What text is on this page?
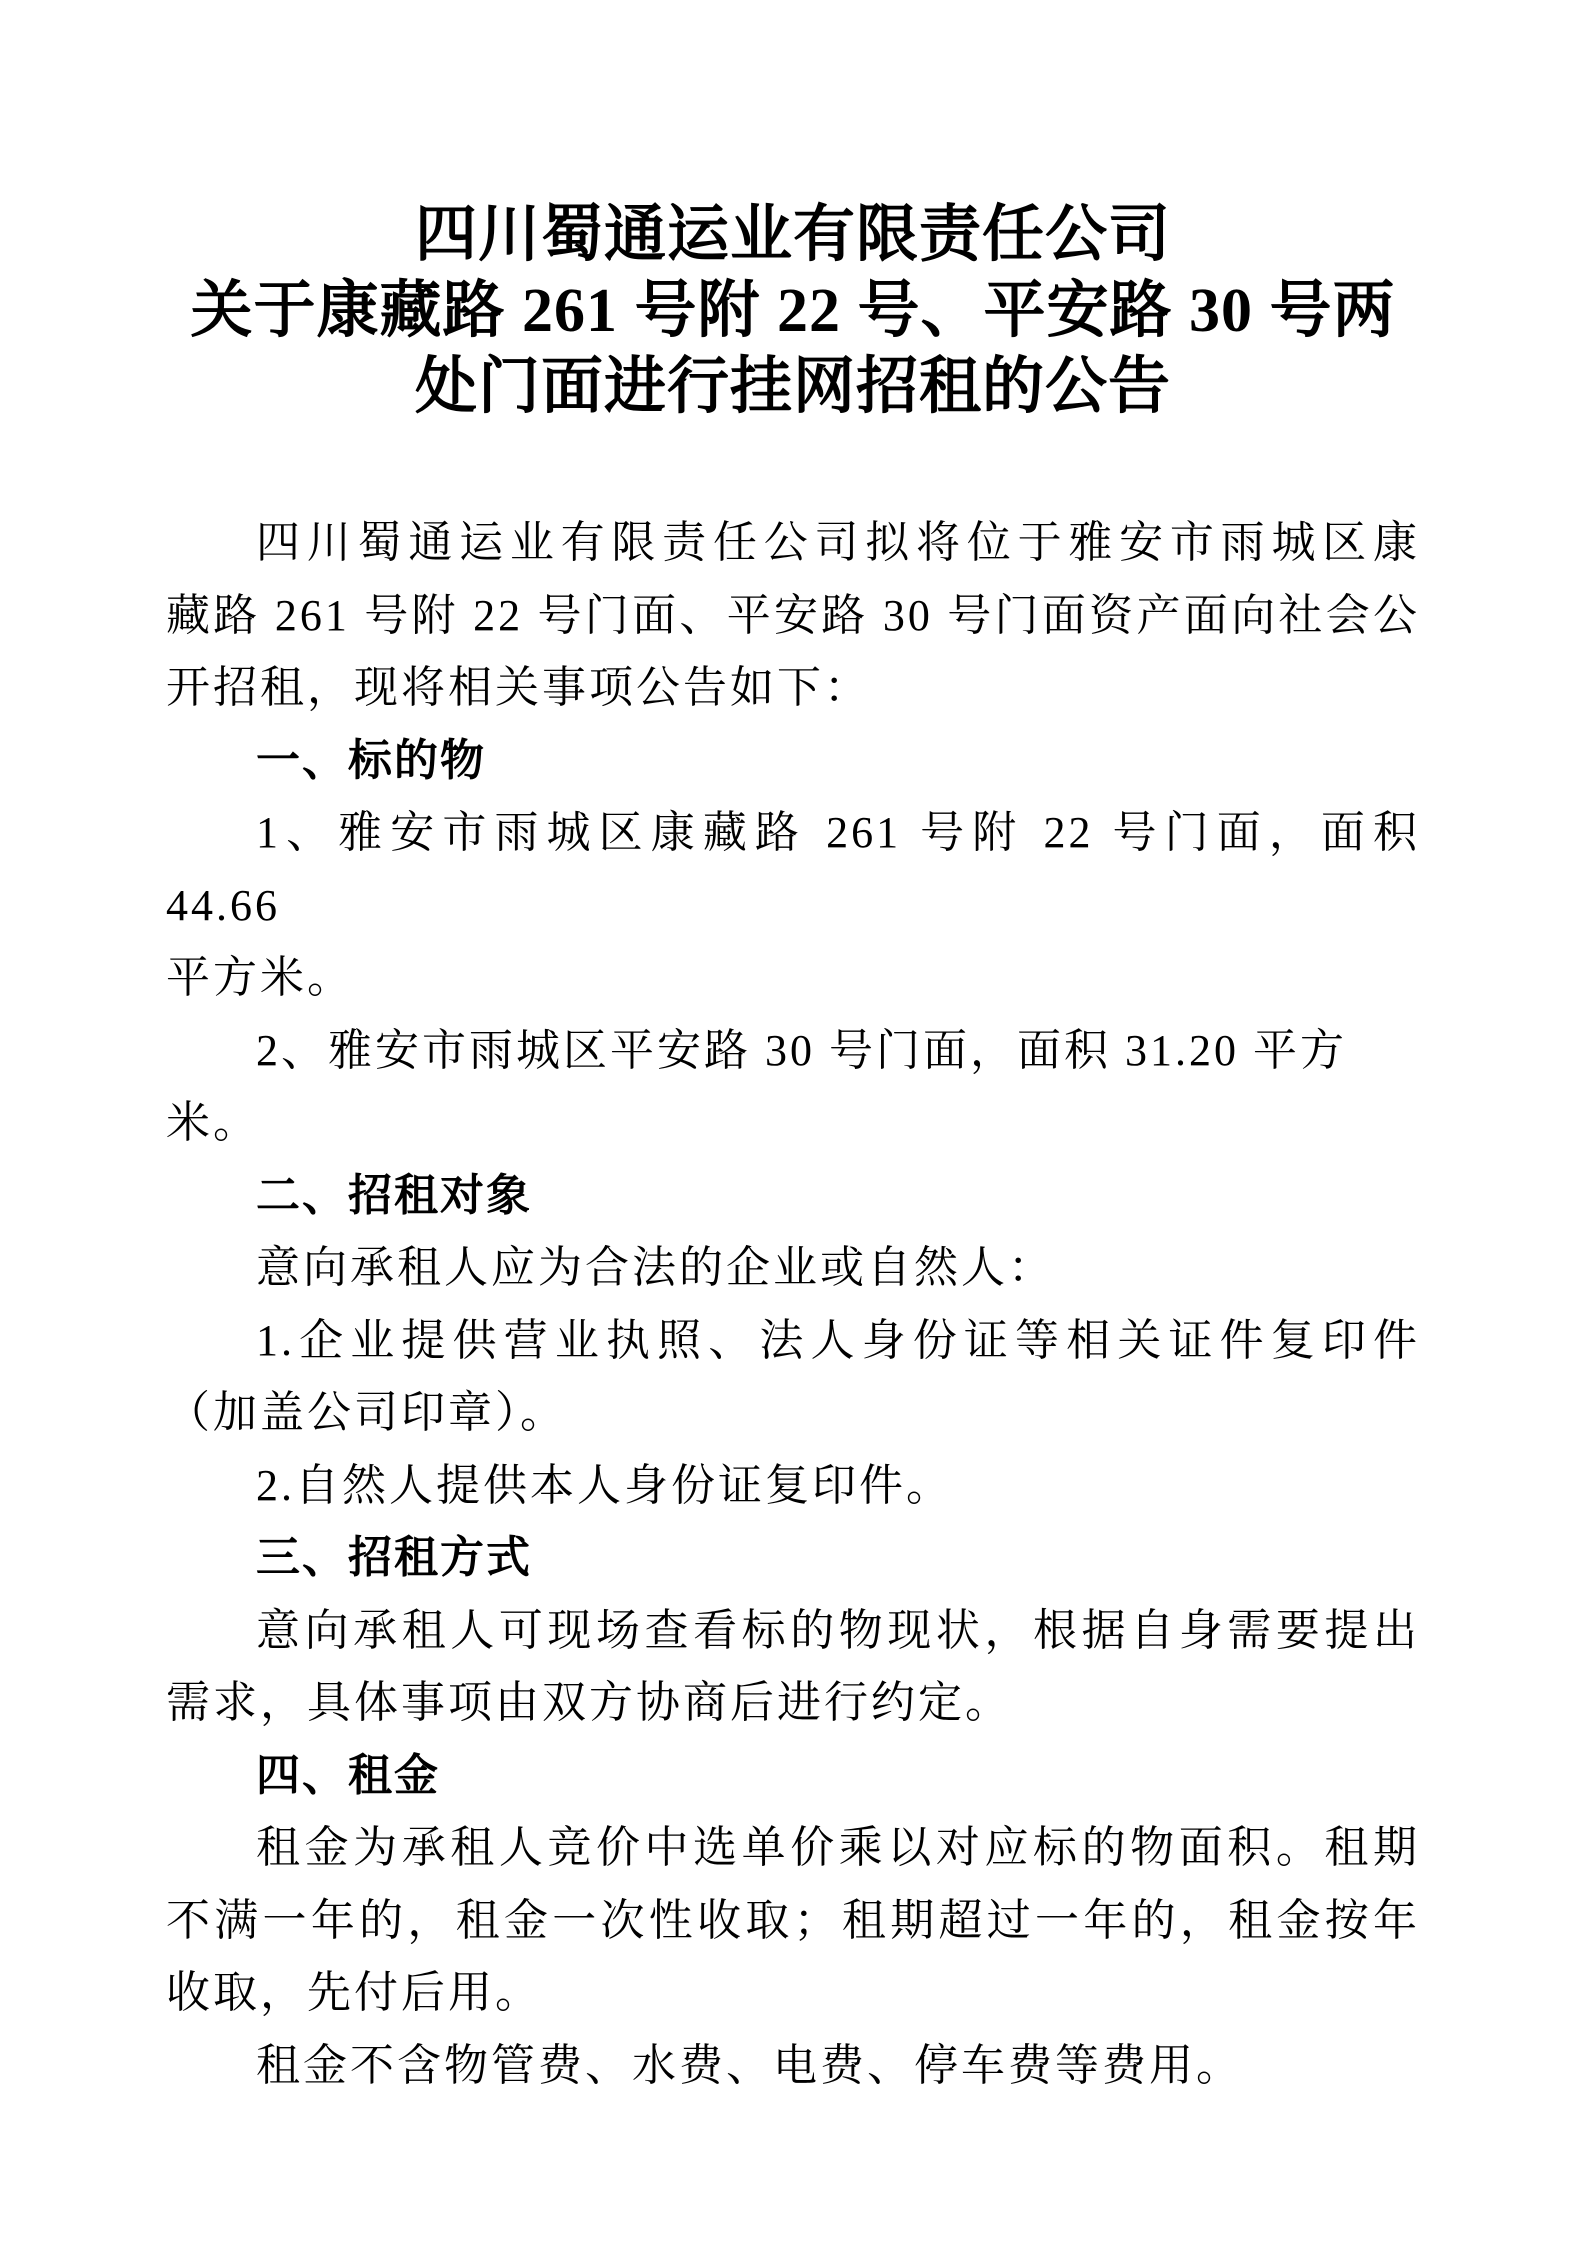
四川蜀通运业有限责任公司
关于康藏路 261 号附 22 号、平安路 30 号两
处门面进行挂网招租的公告
四川蜀通运业有限责任公司拟将位于雅安市雨城区康
藏路 261 号附 22 号门面、平安路 30 号门面资产面向社会公
开招租，现将相关事项公告如下：
一、标的物
1、雅安市雨城区康藏路 261 号附 22 号门面，面积 44.66
平方米。
2、雅安市雨城区平安路 30 号门面，面积 31.20 平方米。
二、招租对象
意向承租人应为合法的企业或自然人：
1.企业提供营业执照、法人身份证等相关证件复印件
（加盖公司印章）。
2.自然人提供本人身份证复印件。
三、招租方式
意向承租人可现场查看标的物现状，根据自身需要提出
需求，具体事项由双方协商后进行约定。
四、租金
租金为承租人竞价中选单价乘以对应标的物面积。租期
不满一年的，租金一次性收取；租期超过一年的，租金按年
收取，先付后用。
租金不含物管费、水费、电费、停车费等费用。
